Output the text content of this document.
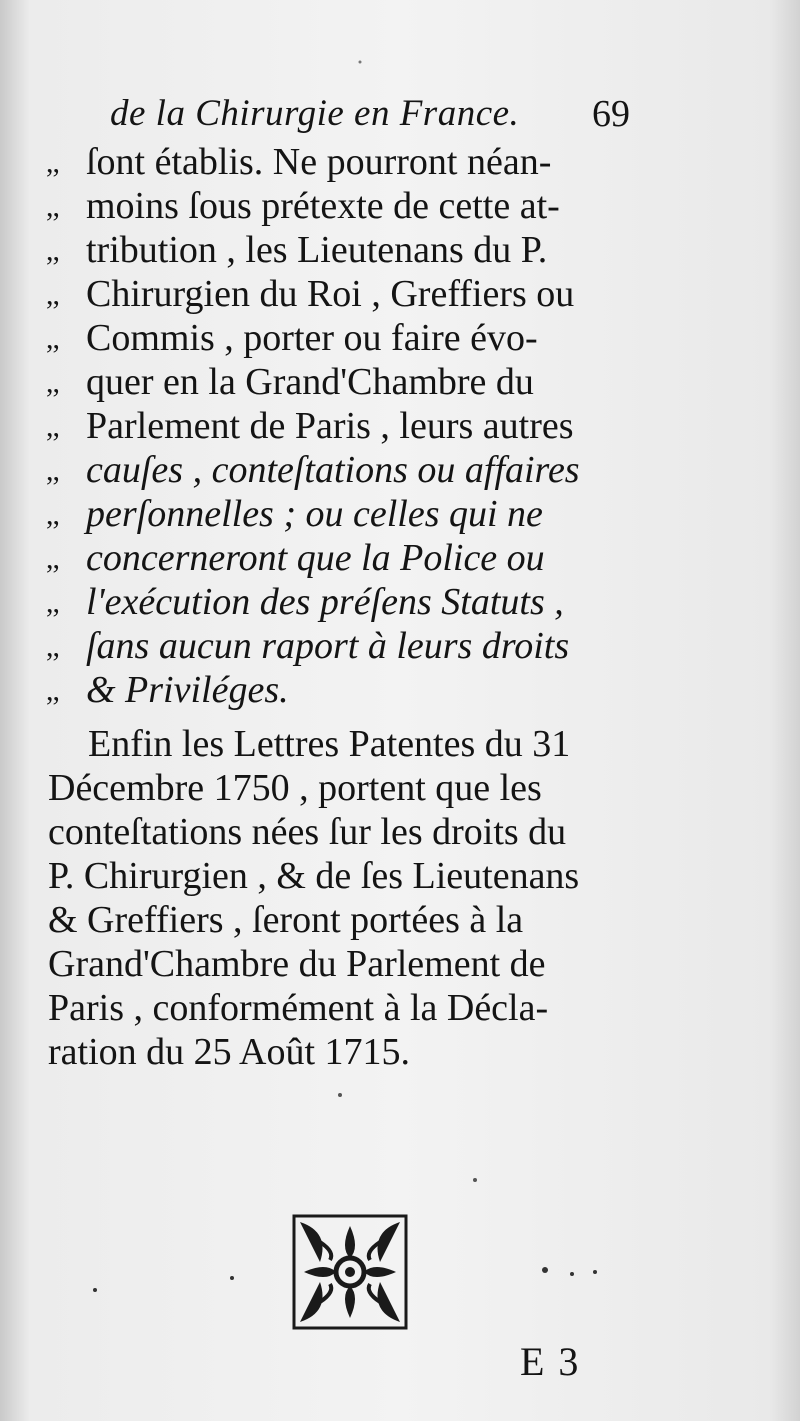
de la Chirurgie en France. 69
,, ſont établis. Ne pourront néan-
,, moins ſous prétexte de cette at-
,, tribution , les Lieutenans du P.
,, Chirurgien du Roi , Greffiers ou
,, Commis , porter ou faire évo-
,, quer en la Grand'Chambre du
,, Parlement de Paris , leurs autres
,, cauſes , conteſtations ou affaires
,, perſonnelles ; ou celles qui ne
,, concerneront que la Police ou
,, l'exécution des préſens Statuts ,
,, ſans aucun raport à leurs droits
,, & Priviléges.
Enfin les Lettres Patentes du 31
Décembre 1750 , portent que les
conteſtations nées ſur les droits du
P. Chirurgien , & de ſes Lieutenans
& Greffiers , ſeront portées à la
Grand'Chambre du Parlement de
Paris , conformément à la Décla-
ration du 25 Août 1715.
E 3
